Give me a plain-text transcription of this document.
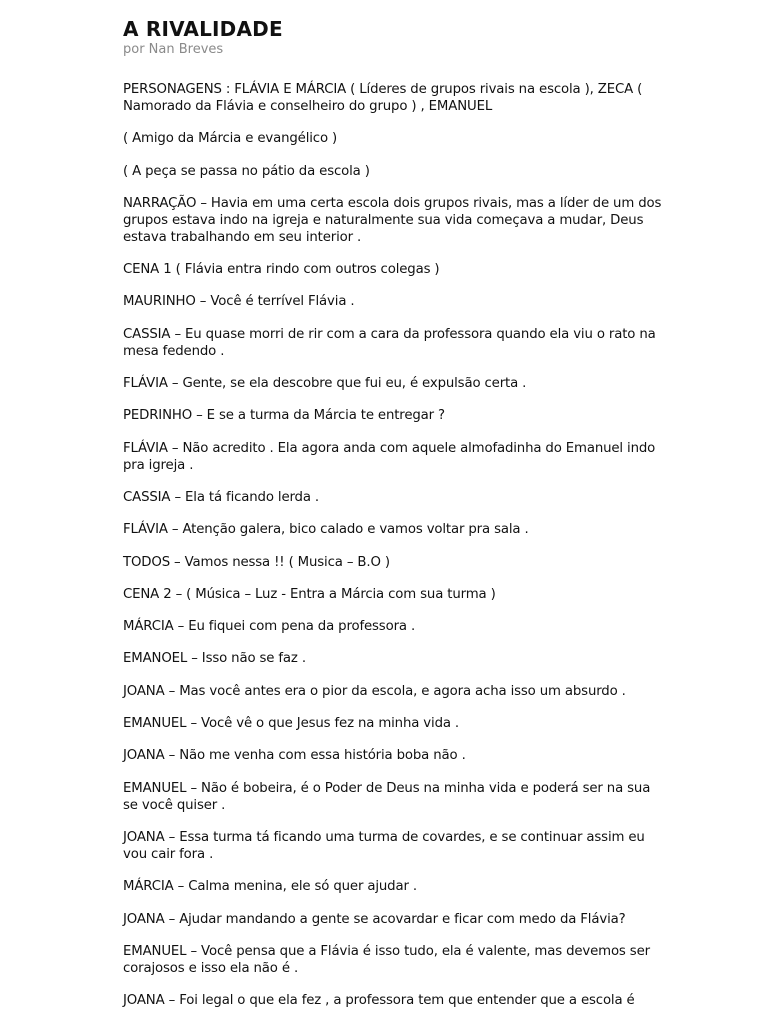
A RIVALIDADE
por Nan Breves

PERSONAGENS : FLÁVIA E MÁRCIA ( Líderes de grupos rivais na escola ), ZECA ( Namorado da Flávia e conselheiro do grupo ) , EMANUEL

( Amigo da Márcia e evangélico )

( A peça se passa no pátio da escola )

NARRAÇÃO – Havia em uma certa escola dois grupos rivais, mas a líder de um dos grupos estava indo na igreja e naturalmente sua vida começava a mudar, Deus estava trabalhando em seu interior .

CENA 1 ( Flávia entra rindo com outros colegas )

MAURINHO – Você é terrível Flávia .

CASSIA – Eu quase morri de rir com a cara da professora quando ela viu o rato na mesa fedendo .

FLÁVIA – Gente, se ela descobre que fui eu, é expulsão certa .

PEDRINHO – E se a turma da Márcia te entregar ?

FLÁVIA – Não acredito . Ela agora anda com aquele almofadinha do Emanuel indo pra igreja .

CASSIA – Ela tá ficando lerda .

FLÁVIA – Atenção galera, bico calado e vamos voltar pra sala .

TODOS – Vamos nessa !! ( Musica – B.O )

CENA 2 – ( Música – Luz - Entra a Márcia com sua turma )

MÁRCIA – Eu fiquei com pena da professora .

EMANOEL – Isso não se faz .

JOANA – Mas você antes era o pior da escola, e agora acha isso um absurdo .

EMANUEL – Você vê o que Jesus fez na minha vida .

JOANA – Não me venha com essa história boba não .

EMANUEL – Não é bobeira, é o Poder de Deus na minha vida e poderá ser na sua se você quiser .

JOANA – Essa turma tá ficando uma turma de covardes, e se continuar assim eu vou cair fora .

MÁRCIA – Calma menina, ele só quer ajudar .

JOANA – Ajudar mandando a gente se acovardar e ficar com medo da Flávia?

EMANUEL – Você pensa que a Flávia é isso tudo, ela é valente, mas devemos ser corajosos e isso ela não é .

JOANA – Foi legal o que ela fez , a professora tem que entender que a escola é
